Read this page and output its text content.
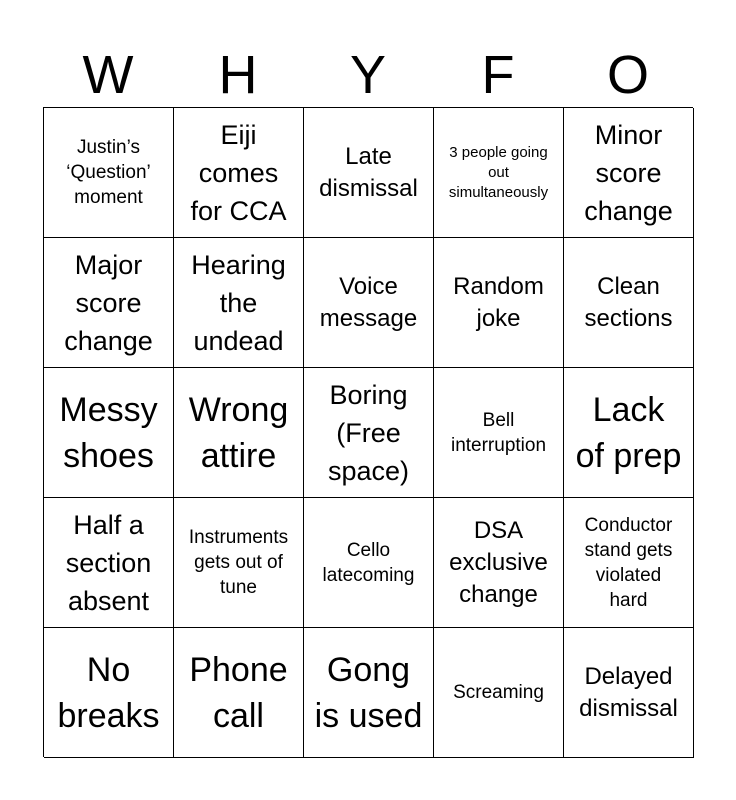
W	H	Y	F	O
Justin’s
‘Question’
moment
Eiji
comes
for CCA
Late
dismissal
3 people going
out
simultaneously
Minor
score
change
Major
score
change
Hearing
the
undead
Voice
message
Random
joke
Clean
sections
Messy
shoes
Wrong
attire
Boring
(Free
space)
Bell
interruption
Lack
of prep
Half a
section
absent
Instruments
gets out of
tune
Cello
latecoming
DSA
exclusive
change
Conductor
stand gets
violated
hard
No
breaks
Phone
call
Gong
is used
Screaming
Delayed
dismissal
